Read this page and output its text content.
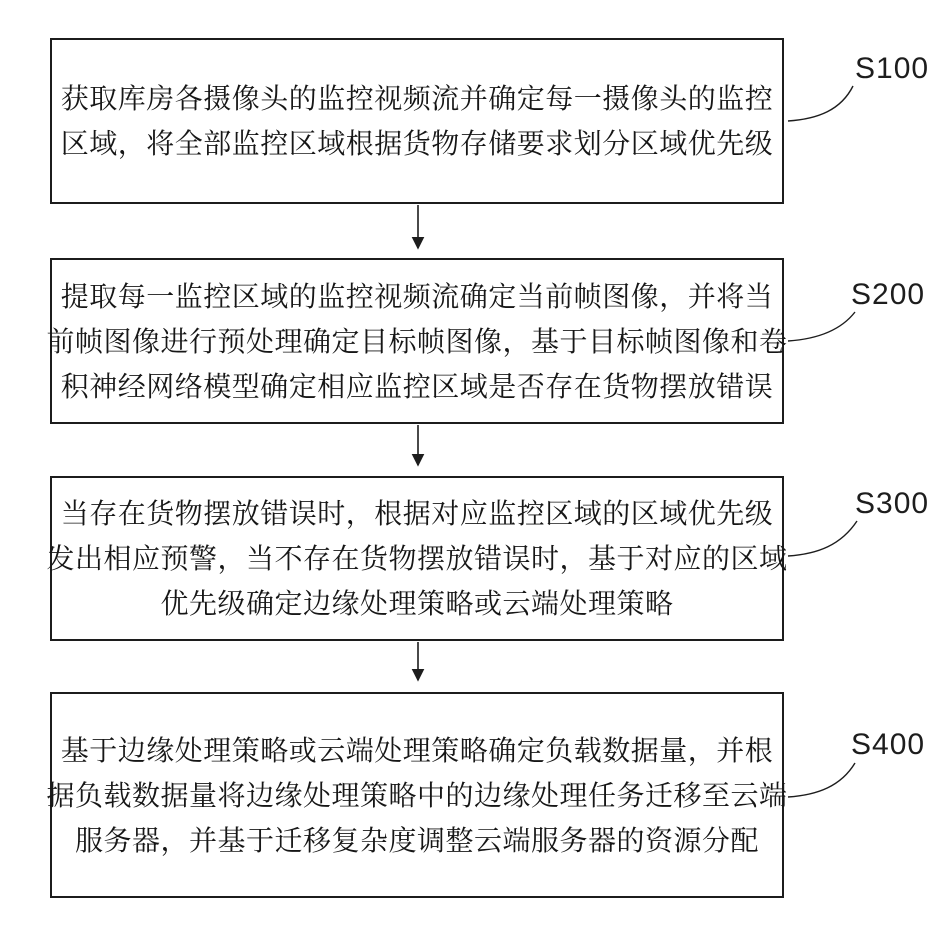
获取库房各摄像头的监控视频流并确定每一摄像头的监控
区域，将全部监控区域根据货物存储要求划分区域优先级
S100
提取每一监控区域的监控视频流确定当前帧图像，并将当
前帧图像进行预处理确定目标帧图像，基于目标帧图像和卷
积神经网络模型确定相应监控区域是否存在货物摆放错误
S200
当存在货物摆放错误时，根据对应监控区域的区域优先级
发出相应预警，当不存在货物摆放错误时，基于对应的区域
优先级确定边缘处理策略或云端处理策略
S300
基于边缘处理策略或云端处理策略确定负载数据量，并根
据负载数据量将边缘处理策略中的边缘处理任务迁移至云端
服务器，并基于迁移复杂度调整云端服务器的资源分配
S400
